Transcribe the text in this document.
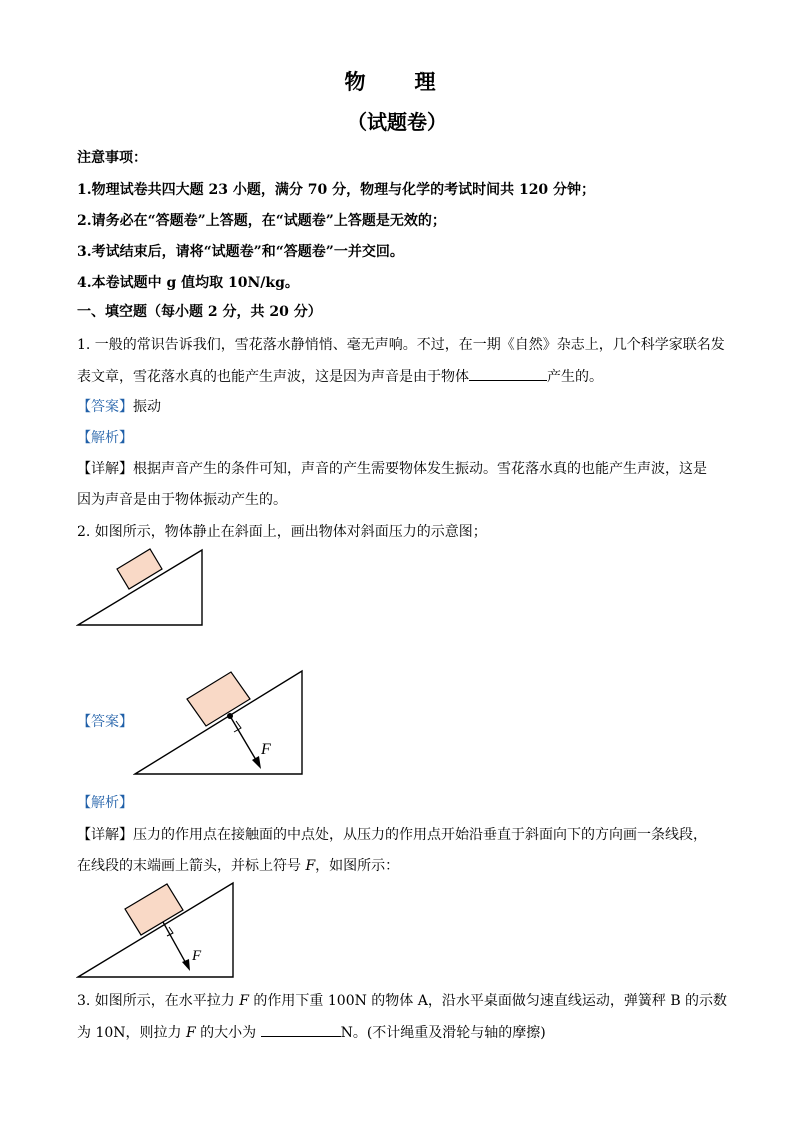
物　理
（试题卷）
注意事项：
1.物理试卷共四大题 23 小题，满分 70 分，物理与化学的考试时间共 120 分钟；
2.请务必在“答题卷”上答题，在“试题卷”上答题是无效的；
3.考试结束后，请将“试题卷”和“答题卷”一并交回。
4.本卷试题中 g 值均取 10N/kg。
一、填空题（每小题 2 分，共 20 分）
1. 一般的常识告诉我们，雪花落水静悄悄、毫无声响。不过，在一期《自然》杂志上，几个科学家联名发
表文章，雪花落水真的也能产生声波，这是因为声音是由于物体	产生的。
【答案】振动
【解析】
【详解】根据声音产生的条件可知，声音的产生需要物体发生振动。雪花落水真的也能产生声波，这是
因为声音是由于物体振动产生的。
2. 如图所示，物体静止在斜面上，画出物体对斜面压力的示意图；
【答案】
F
【解析】
【详解】压力的作用点在接触面的中点处，从压力的作用点开始沿垂直于斜面向下的方向画一条线段，
在线段的末端画上箭头，并标上符号 F，如图所示：
F
3. 如图所示，在水平拉力 F 的作用下重 100N 的物体 A，沿水平桌面做匀速直线运动，弹簧秤 B 的示数
为 10N，则拉力 F 的大小为	N。(不计绳重及滑轮与轴的摩擦)
